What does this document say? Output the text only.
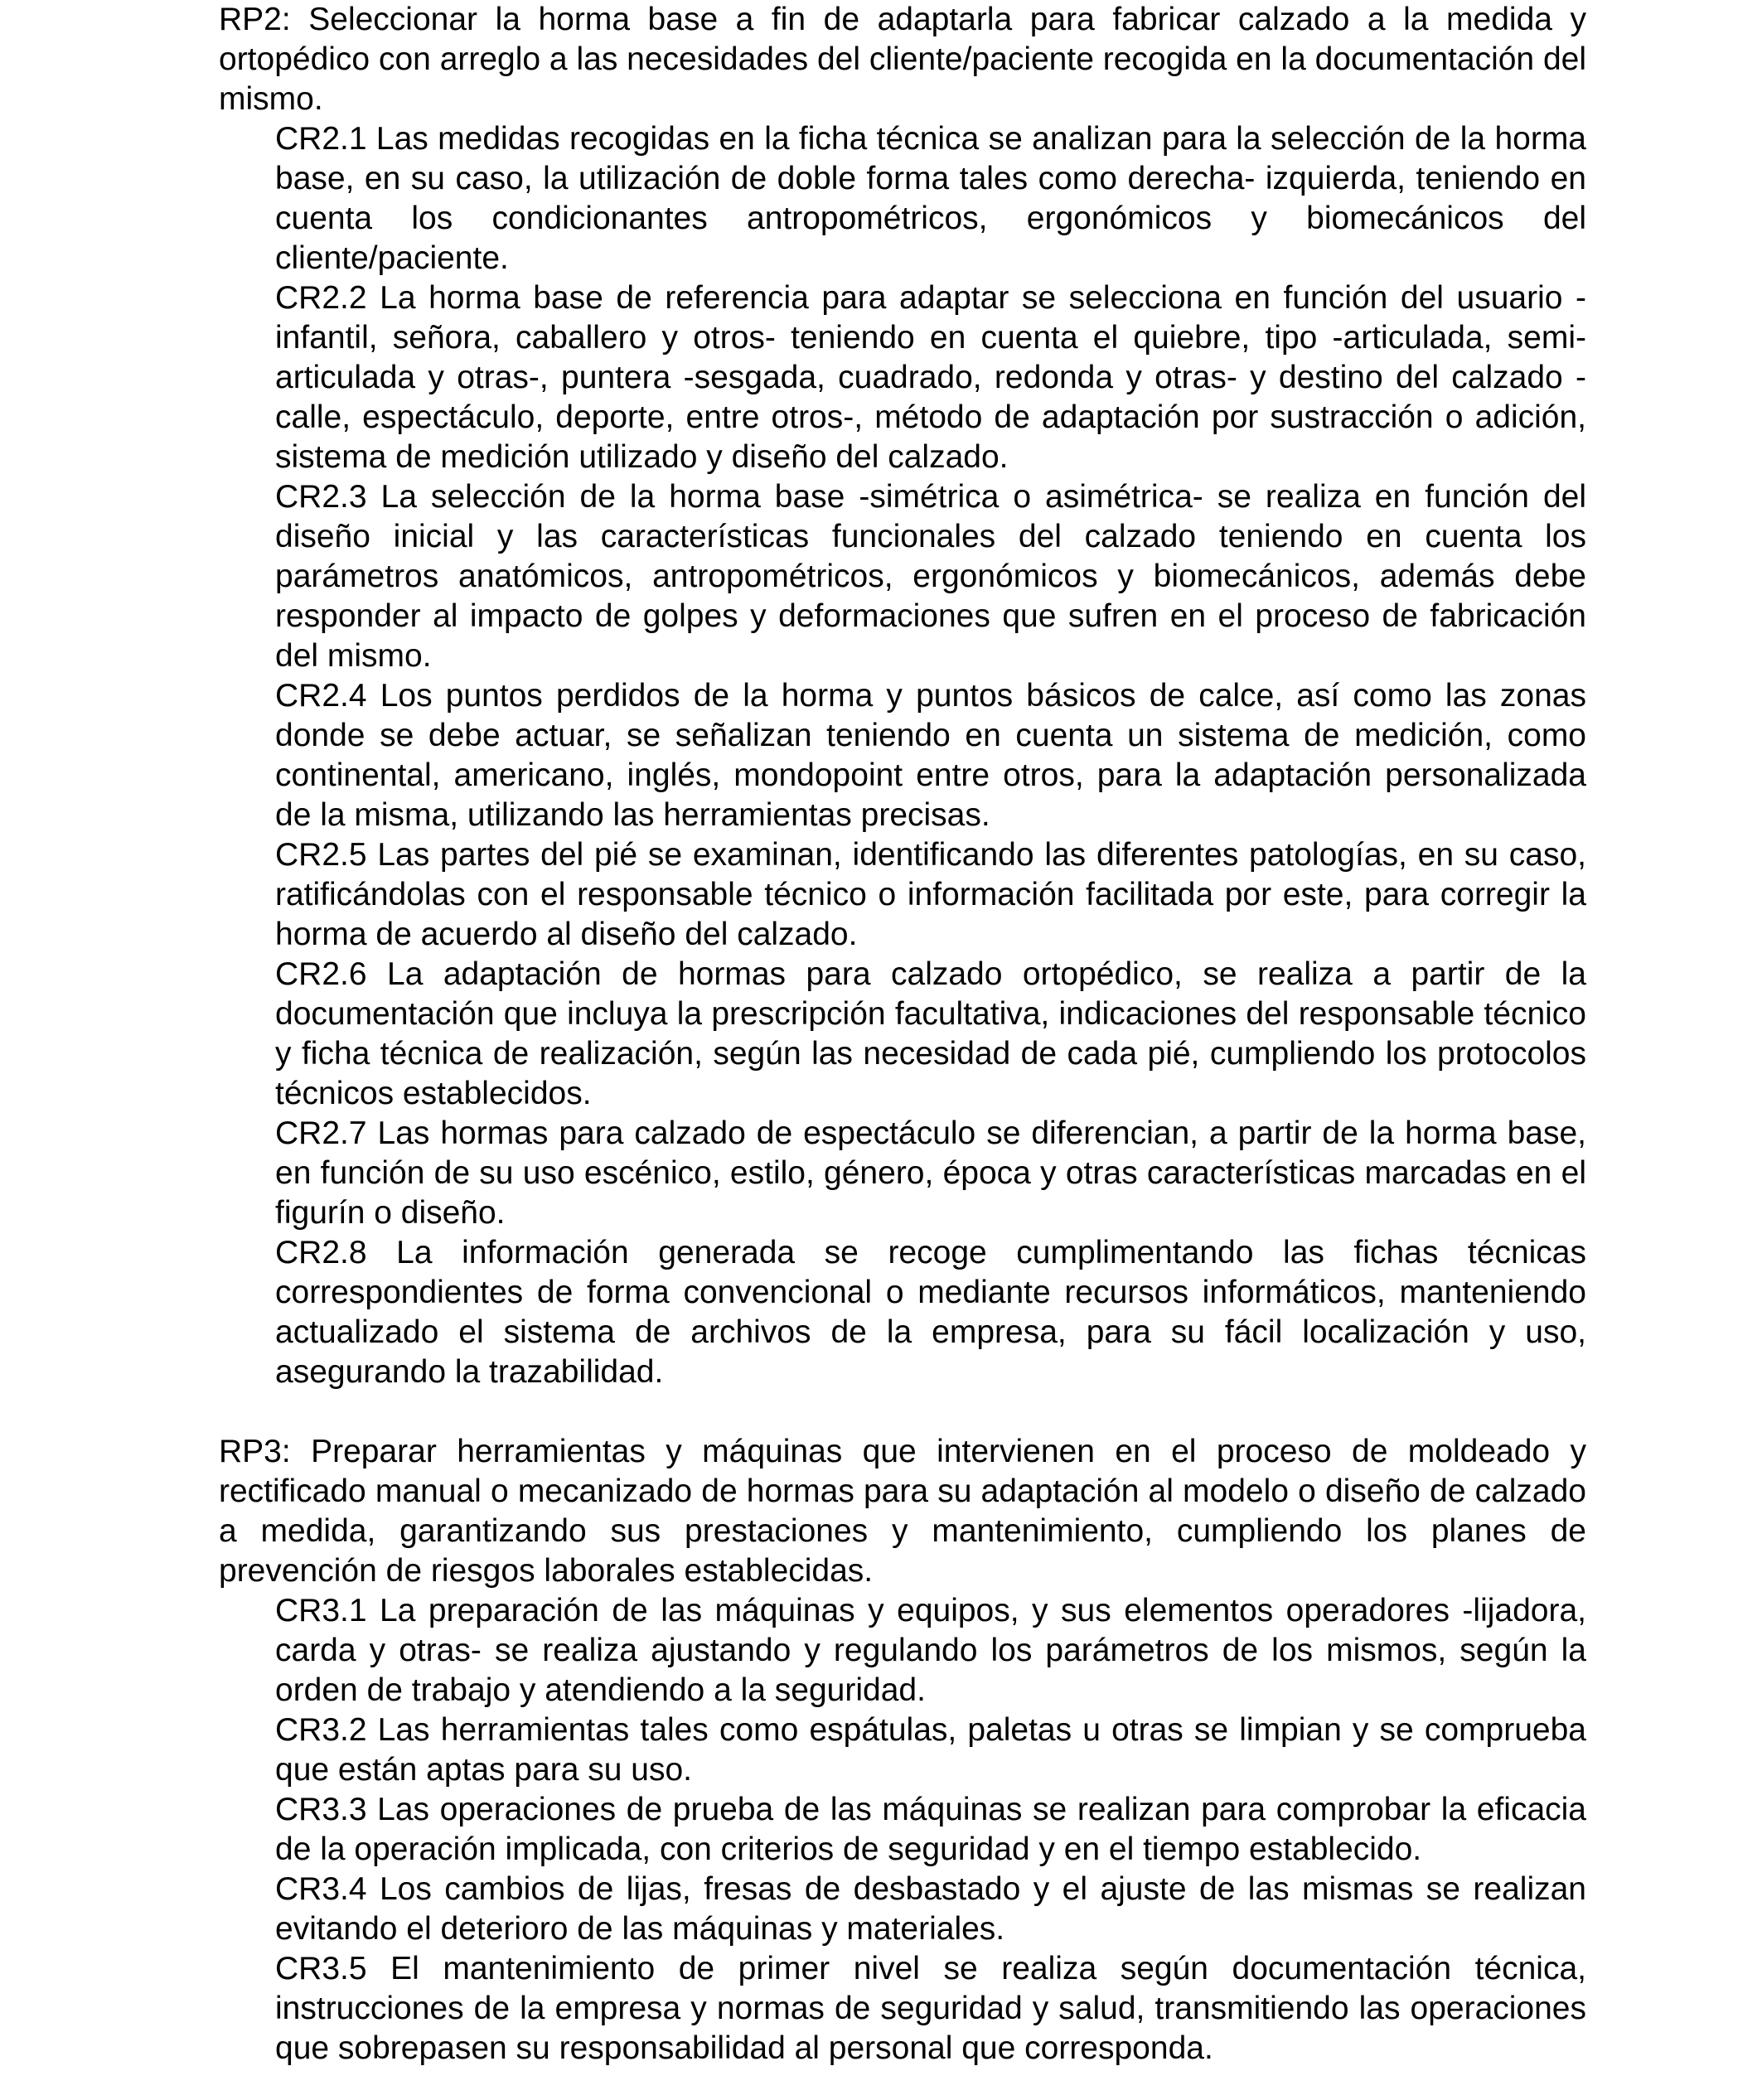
RP2: Seleccionar la horma base a fin de adaptarla para fabricar calzado a la medida y ortopédico con arreglo a las necesidades del cliente/paciente recogida en la documentación del mismo.

CR2.1 Las medidas recogidas en la ficha técnica se analizan para la selección de la horma base, en su caso, la utilización de doble forma tales como derecha- izquierda, teniendo en cuenta los condicionantes antropométricos, ergonómicos y biomecánicos del cliente/paciente.

CR2.2 La horma base de referencia para adaptar se selecciona en función del usuario -infantil, señora, caballero y otros- teniendo en cuenta el quiebre, tipo -articulada, semi-articulada y otras-, puntera -sesgada, cuadrado, redonda y otras- y destino del calzado -calle, espectáculo, deporte, entre otros-, método de adaptación por sustracción o adición, sistema de medición utilizado y diseño del calzado.

CR2.3 La selección de la horma base -simétrica o asimétrica- se realiza en función del diseño inicial y las características funcionales del calzado teniendo en cuenta los parámetros anatómicos, antropométricos, ergonómicos y biomecánicos, además debe responder al impacto de golpes y deformaciones que sufren en el proceso de fabricación del mismo.

CR2.4 Los puntos perdidos de la horma y puntos básicos de calce, así como las zonas donde se debe actuar, se señalizan teniendo en cuenta un sistema de medición, como continental, americano, inglés, mondopoint entre otros, para la adaptación personalizada de la misma, utilizando las herramientas precisas.

CR2.5 Las partes del pié se examinan, identificando las diferentes patologías, en su caso, ratificándolas con el responsable técnico o información facilitada por este, para corregir la horma de acuerdo al diseño del calzado.

CR2.6 La adaptación de hormas para calzado ortopédico, se realiza a partir de la documentación que incluya la prescripción facultativa, indicaciones del responsable técnico y ficha técnica de realización, según las necesidad de cada pié, cumpliendo los protocolos técnicos establecidos.

CR2.7 Las hormas para calzado de espectáculo se diferencian, a partir de la horma base, en función de su uso escénico, estilo, género, época y otras características marcadas en el figurín o diseño.

CR2.8 La información generada se recoge cumplimentando las fichas técnicas correspondientes de forma convencional o mediante recursos informáticos, manteniendo actualizado el sistema de archivos de la empresa, para su fácil localización y uso, asegurando la trazabilidad.

RP3: Preparar herramientas y máquinas que intervienen en el proceso de moldeado y rectificado manual o mecanizado de hormas para su adaptación al modelo o diseño de calzado a medida, garantizando sus prestaciones y mantenimiento, cumpliendo los planes de prevención de riesgos laborales establecidas.

CR3.1 La preparación de las máquinas y equipos, y sus elementos operadores -lijadora, carda y otras- se realiza ajustando y regulando los parámetros de los mismos, según la orden de trabajo y atendiendo a la seguridad.

CR3.2 Las herramientas tales como espátulas, paletas u otras se limpian y se comprueba que están aptas para su uso.

CR3.3 Las operaciones de prueba de las máquinas se realizan para comprobar la eficacia de la operación implicada, con criterios de seguridad y en el tiempo establecido.

CR3.4 Los cambios de lijas, fresas de desbastado y el ajuste de las mismas se realizan evitando el deterioro de las máquinas y materiales.

CR3.5 El mantenimiento de primer nivel se realiza según documentación técnica, instrucciones de la empresa y normas de seguridad y salud, transmitiendo las operaciones que sobrepasen su responsabilidad al personal que corresponda.
